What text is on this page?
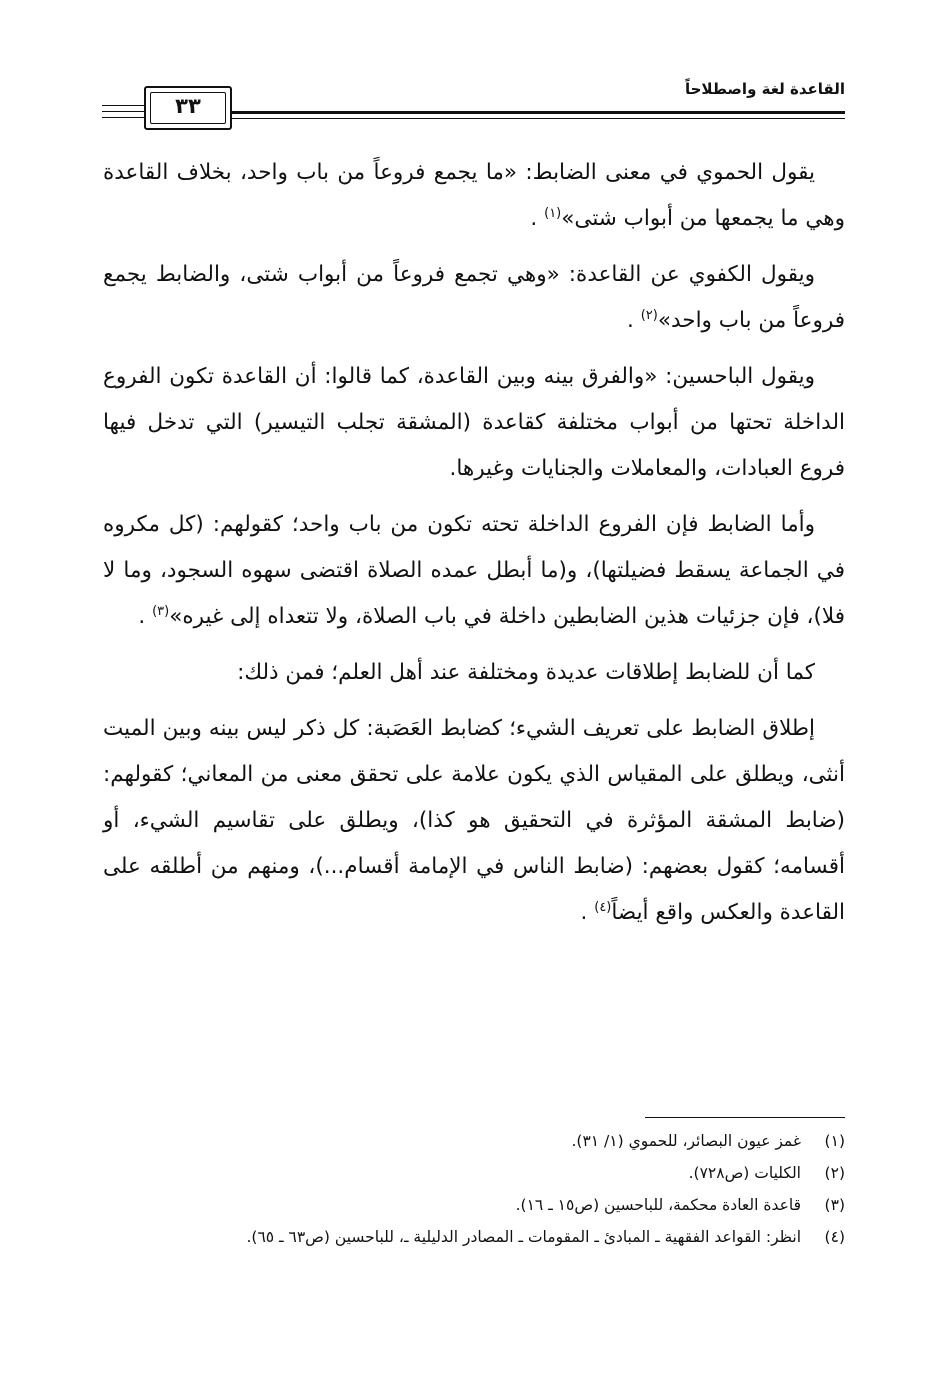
القاعدة لغة واصطلاحاً
٣٣

يقول الحموي في معنى الضابط: «ما يجمع فروعاً من باب واحد، بخلاف القاعدة وهي ما يجمعها من أبواب شتى»$^{(١)}$ .

ويقول الكفوي عن القاعدة: «وهي تجمع فروعاً من أبواب شتى، والضابط يجمع فروعاً من باب واحد»$^{(٢)}$ .

ويقول الباحسين: «والفرق بينه وبين القاعدة، كما قالوا: أن القاعدة تكون الفروع الداخلة تحتها من أبواب مختلفة كقاعدة (المشقة تجلب التيسير) التي تدخل فيها فروع العبادات، والمعاملات والجنايات وغيرها.

وأما الضابط فإن الفروع الداخلة تحته تكون من باب واحد؛ كقولهم: (كل مكروه في الجماعة يسقط فضيلتها)، و(ما أبطل عمده الصلاة اقتضى سهوه السجود، وما لا فلا)، فإن جزئيات هذين الضابطين داخلة في باب الصلاة، ولا تتعداه إلى غيره»$^{(٣)}$ .

كما أن للضابط إطلاقات عديدة ومختلفة عند أهل العلم؛ فمن ذلك:

إطلاق الضابط على تعريف الشيء؛ كضابط العَصَبة: كل ذكر ليس بينه وبين الميت أنثى، ويطلق على المقياس الذي يكون علامة على تحقق معنى من المعاني؛ كقولهم: (ضابط المشقة المؤثرة في التحقيق هو كذا)، ويطلق على تقاسيم الشيء، أو أقسامه؛ كقول بعضهم: (ضابط الناس في الإمامة أقسام...)، ومنهم من أطلقه على القاعدة والعكس واقع أيضاً$^{(٤)}$ .

(١)
غمز عيون البصائر، للحموي (١/ ٣١).
(٢)
الكليات (ص٧٢٨).
(٣)
قاعدة العادة محكمة، للباحسين (ص١٥ ـ ١٦).
(٤)
انظر: القواعد الفقهية ـ المبادئ ـ المقومات ـ المصادر الدليلية ـ، للباحسين (ص٦٣ ـ ٦٥).
